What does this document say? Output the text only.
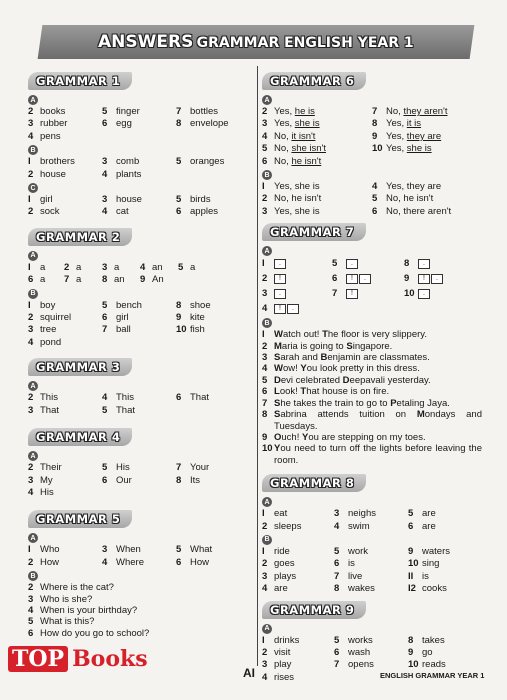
ANSWERS GRAMMAR ENGLISH YEAR 1
GRAMMAR 1
A
2 books	5 finger	7 bottles
3 rubber	6 egg	8 envelope
4 pens
B
I brothers	3 comb	5 oranges
2 house	4 plants
C
I girl	3 house	5 birds
2 sock	4 cat	6 apples
GRAMMAR 2
A
I a	2 a	3 a	4 an	5 a
6 a	7 a	8 an	9 An
B
I boy	5 bench	8 shoe
2 squirrel	6 girl	9 kite
3 tree	7 ball	10 fish
4 pond
GRAMMAR 3
A
2 This	4 This	6 That
3 That	5 That
GRAMMAR 4
A
2 Their	5 His	7 Your
3 My	6 Our	8 Its
4 His
GRAMMAR 5
A
I Who	3 When	5 What
2 How	4 Where	6 How
B
2 Where is the cat?
3 Who is she?
4 When is your birthday?
5 What is this?
6 How do you go to school?
GRAMMAR 6
A
2 Yes, he is	7 No, they aren't
3 Yes, she is	8 Yes, it is
4 No, it isn't	9 Yes, they are
5 No, she isn't	10 Yes, she is
6 No, he isn't
B
I Yes, she is	4 Yes, they are
2 No, he isn't	5 No, he isn't
3 Yes, she is	6 No, there aren't
GRAMMAR 7
A
I	.	5	.	8	.
2	!	6	! .	9	! .
3	.	7	!	10	.
4	! .
B
I Watch out! The floor is very slippery.
2 Maria is going to Singapore.
3 Sarah and Benjamin are classmates.
4 Wow! You look pretty in this dress.
5 Devi celebrated Deepavali yesterday.
6 Look! That house is on fire.
7 She takes the train to go to Petaling Jaya.
8 Sabrina attends tuition on Mondays and Tuesdays.
9 Ouch! You are stepping on my toes.
10 You need to turn off the lights before leaving the room.
GRAMMAR 8
A
I eat	3 neighs	5 are
2 sleeps	4 swim	6 are
B
I ride	5 work	9 waters
2 goes	6 is	10 sing
3 plays	7 live	II is
4 are	8 wakes	I2 cooks
GRAMMAR 9
A
I drinks	5 works	8 takes
2 visit	6 wash	9 go
3 play	7 opens	10 reads
4 rises
AI	ENGLISH GRAMMAR YEAR 1
TOP Books
